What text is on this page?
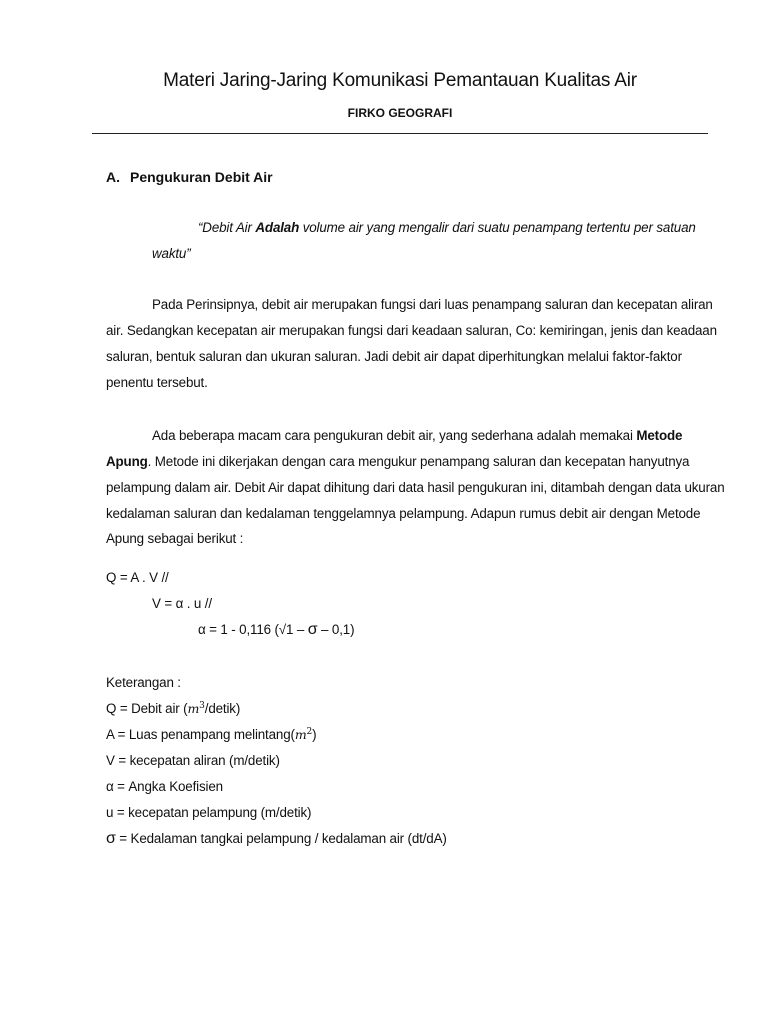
Materi Jaring-Jaring Komunikasi Pemantauan Kualitas Air
FIRKO GEOGRAFI
A. Pengukuran Debit Air
“Debit Air Adalah volume air yang mengalir dari suatu penampang tertentu per satuan
waktu”
Pada Perinsipnya, debit air merupakan fungsi dari luas penampang saluran dan kecepatan aliran
air. Sedangkan kecepatan air merupakan fungsi dari keadaan saluran, Co: kemiringan, jenis dan keadaan
saluran, bentuk saluran dan ukuran saluran. Jadi debit air dapat diperhitungkan melalui faktor-faktor
penentu tersebut.
Ada beberapa macam cara pengukuran debit air, yang sederhana adalah memakai Metode
Apung. Metode ini dikerjakan dengan cara mengukur penampang saluran dan kecepatan hanyutnya
pelampung dalam air. Debit Air dapat dihitung dari data hasil pengukuran ini, ditambah dengan data ukuran
kedalaman saluran dan kedalaman tenggelamnya pelampung. Adapun rumus debit air dengan Metode
Apung sebagai berikut :
Q = A . V //
V = α . u //
α = 1 - 0,116 (√1 – σ – 0,1)
Keterangan :
Q = Debit air $(m^3/detik)$
A = Luas penampang $melintang(m^2)$
V = kecepatan aliran (m/detik)
α = Angka Koefisien
u = kecepatan pelampung (m/detik)
σ = Kedalaman tangkai pelampung / kedalaman air (dt/dA)
